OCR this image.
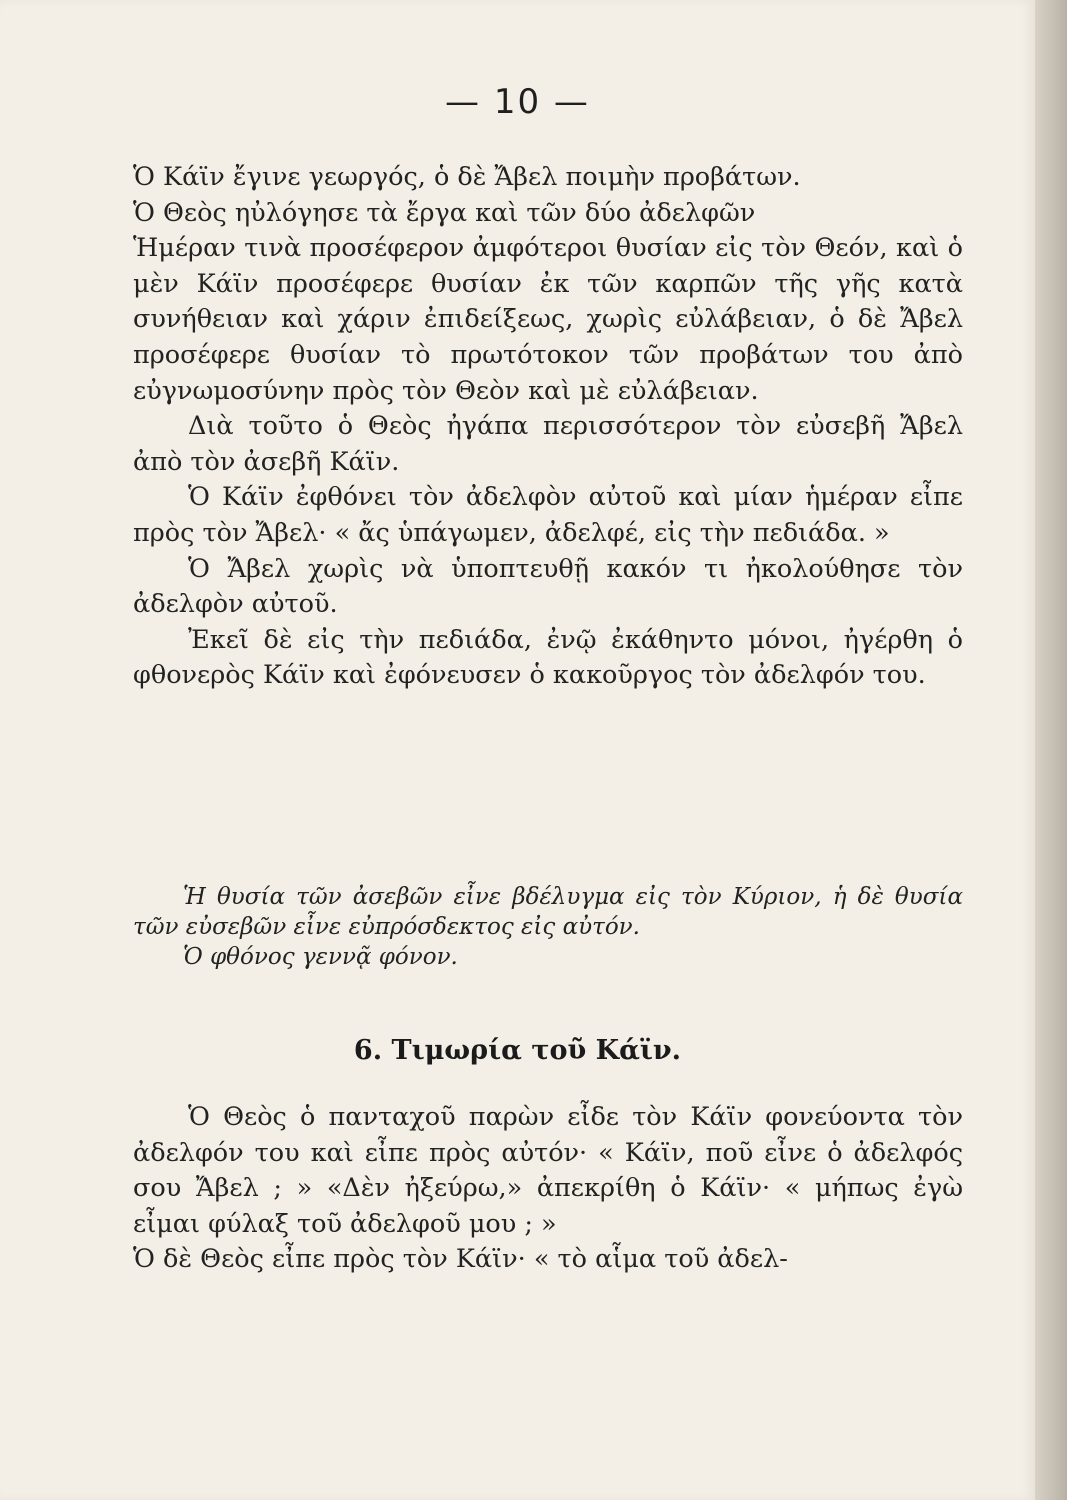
— 10 —

Ὁ Κάϊν ἔγινε γεωργός, ὁ δὲ Ἄβελ ποιμὴν προβάτων.

Ὁ Θεὸς ηὐλόγησε τὰ ἔργα καὶ τῶν δύο ἀδελφῶν

Ἡμέραν τινὰ προσέφερον ἀμφότεροι θυσίαν εἰς τὸν Θεόν, καὶ ὁ μὲν Κάϊν προσέφερε θυσίαν ἐκ τῶν καρπῶν τῆς γῆς κατὰ συνήθειαν καὶ χάριν ἐπιδείξεως, χωρὶς εὐλάβειαν, ὁ δὲ Ἄβελ προσέφερε θυσίαν τὸ πρωτότοκον τῶν προβάτων του ἀπὸ εὐγνωμοσύνην πρὸς τὸν Θεὸν καὶ μὲ εὐλάβειαν.

Διὰ τοῦτο ὁ Θεὸς ἠγάπα περισσότερον τὸν εὐσεβῆ Ἄβελ ἀπὸ τὸν ἀσεβῆ Κάϊν.

Ὁ Κάϊν ἐφθόνει τὸν ἀδελφὸν αὐτοῦ καὶ μίαν ἡμέραν εἶπε πρὸς τὸν Ἄβελ· « ἄς ὑπάγωμεν, ἀδελφέ, εἰς τὴν πεδιάδα. »

Ὁ Ἄβελ χωρὶς νὰ ὑποπτευθῇ κακόν τι ἠκολούθησε τὸν ἀδελφὸν αὐτοῦ.

Ἐκεῖ δὲ εἰς τὴν πεδιάδα, ἐνῷ ἐκάθηντο μόνοι, ἠγέρθη ὁ φθονερὸς Κάϊν καὶ ἐφόνευσεν ὁ κακοῦργος τὸν ἀδελφόν του.

Ἡ θυσία τῶν ἀσεβῶν εἶνε βδέλυγμα εἰς τὸν Κύριον, ἡ δὲ θυσία τῶν εὐσεβῶν εἶνε εὐπρόσδεκτος εἰς αὐτόν.

Ὁ φθόνος γεννᾷ φόνον.

6. Τιμωρία τοῦ Κάϊν.

Ὁ Θεὸς ὁ πανταχοῦ παρὼν εἶδε τὸν Κάϊν φονεύοντα τὸν ἀδελφόν του καὶ εἶπε πρὸς αὐτόν· « Κάϊν, ποῦ εἶνε ὁ ἀδελφός σου Ἄβελ ; » «Δὲν ἠξεύρω,» ἀπεκρίθη ὁ Κάϊν· « μήπως ἐγὼ εἶμαι φύλαξ τοῦ ἀδελφοῦ μου ; »

Ὁ δὲ Θεὸς εἶπε πρὸς τὸν Κάϊν· « τὸ αἷμα τοῦ ἀδελ-
